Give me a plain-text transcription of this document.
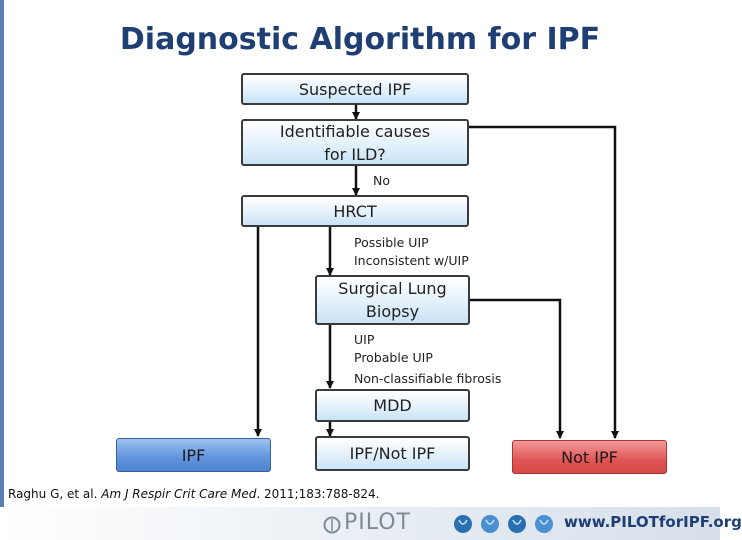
Diagnostic Algorithm for IPF
Suspected IPF
Identifiable causes
for ILD?
No
HRCT
Possible UIP
Inconsistent w/UIP
Surgical Lung
Biopsy
UIP
Probable UIP
Non-classifiable fibrosis
MDD
IPF	IPF/Not IPF	Not IPF
Raghu G, et al. Am J Respir Crit Care Med. 2011;183:788-824.
PILOT	www.PILOTforIPF.org
